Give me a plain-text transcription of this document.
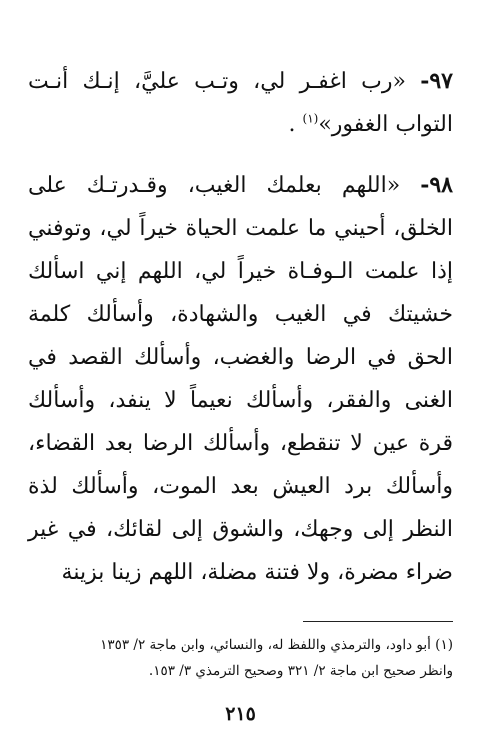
٩٧- «رب اغفـر لي، وتـب عليَّ، إنـك أنـت التواب الغفور»$^{(١)}$ .

٩٨- «اللهم بعلمك الغيب، وقـدرتـك على الخلق، أحيني ما علمت الحياة خيراً لي، وتوفني إذا علمت الـوفـاة خيراً لي، اللهم إني اسألك خشيتك في الغيب والشهادة، وأسألك كلمة الحق في الرضا والغضب، وأسألك القصد في الغنى والفقر، وأسألك نعيماً لا ينفد، وأسألك قرة عين لا تنقطع، وأسألك الرضا بعد القضاء، وأسألك برد العيش بعد الموت، وأسألك لذة النظر إلى وجهك، والشوق إلى لقائك، في غير ضراء مضرة، ولا فتنة مضلة، اللهم زينا بزينة

(١) أبو داود، والترمذي واللفظ له، والنسائي، وابن ماجة ٢/ ١٣٥٣

وانظر صحيح ابن ماجة ٢/ ٣٢١ وصحيح الترمذي ٣/ ١٥٣.

٢١٥
